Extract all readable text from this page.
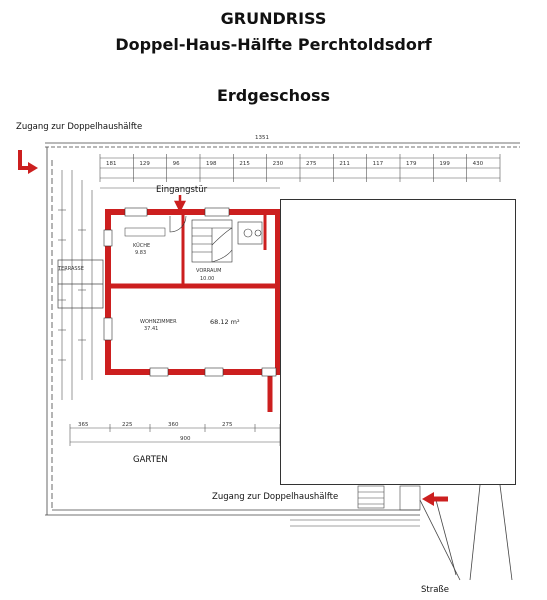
GRUNDRISS
Doppel-Haus-Hälfte Perchtoldsdorf
Erdgeschoss
181	129	96	198	215	230	275	211	117	179	199	430
1351
TERRASSE
KÜCHE
9.83
VORRAUM
10.00
WOHNZIMMER
37.41
68.12 m²
365	225	360	275
900
Zugang zur Doppelhaushälfte
Eingangstür
GARTEN
Zugang zur Doppelhaushälfte
Straße
